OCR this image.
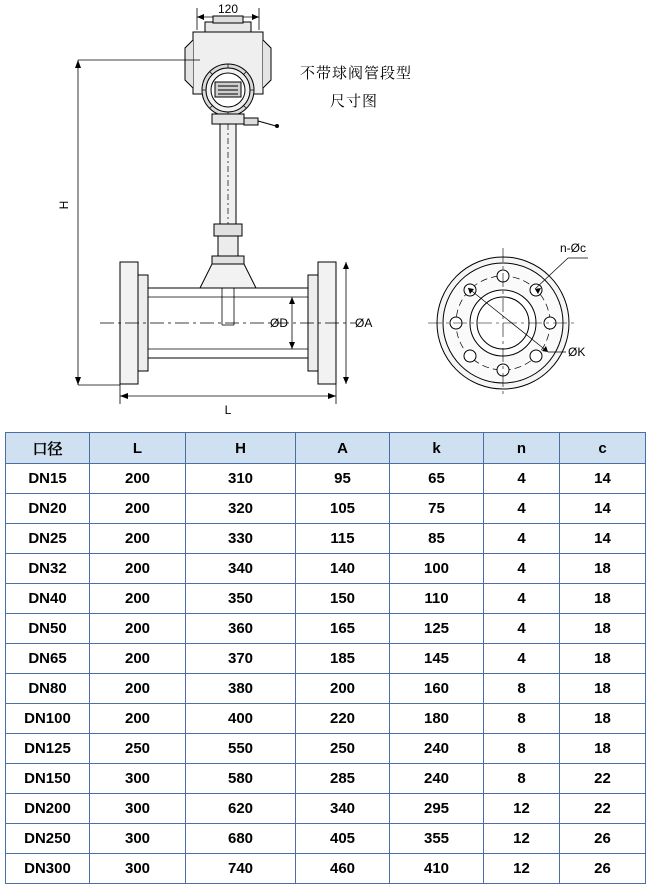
120
H
L
ØD	ØA
ØK
n-Øc
不带球阀管段型
尺寸图
口径	L	H	A	k	n	c
DN15	200	310	95	65	4	14
DN20	200	320	105	75	4	14
DN25	200	330	115	85	4	14
DN32	200	340	140	100	4	18
DN40	200	350	150	110	4	18
DN50	200	360	165	125	4	18
DN65	200	370	185	145	4	18
DN80	200	380	200	160	8	18
DN100	200	400	220	180	8	18
DN125	250	550	250	240	8	18
DN150	300	580	285	240	8	22
DN200	300	620	340	295	12	22
DN250	300	680	405	355	12	26
DN300	300	740	460	410	12	26
